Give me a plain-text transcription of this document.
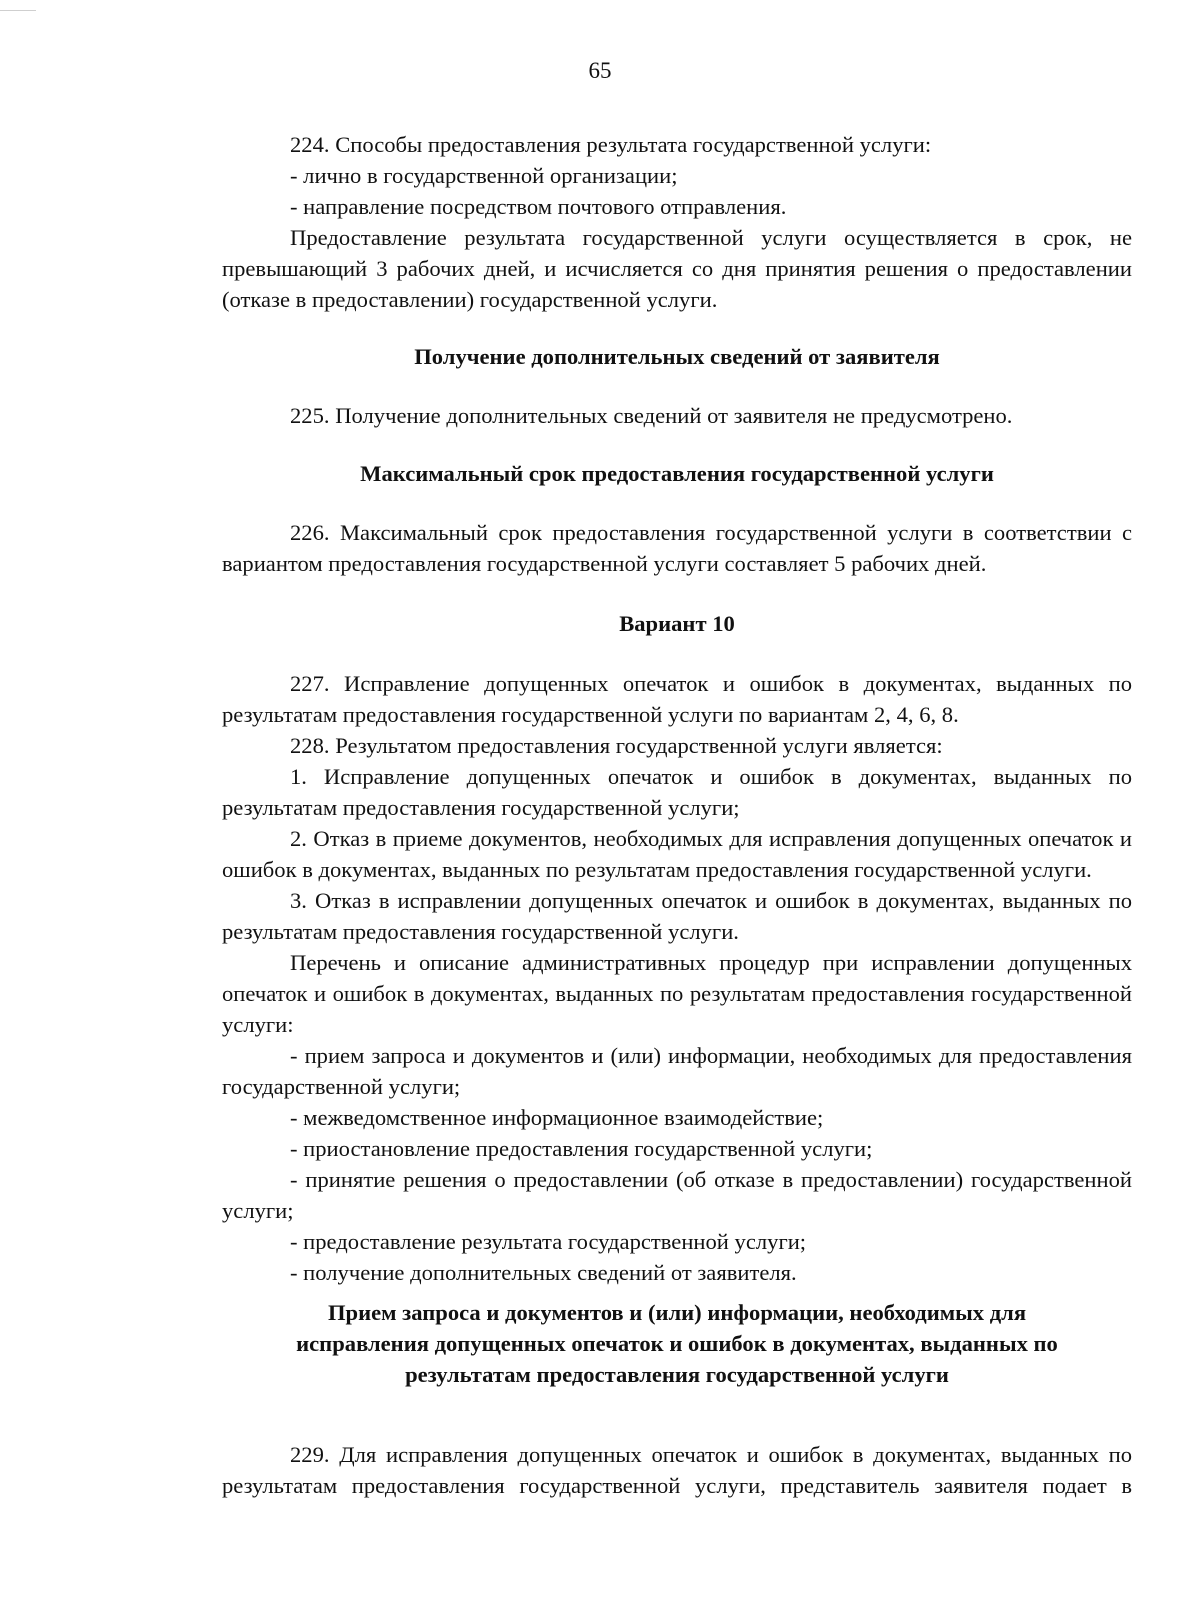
65

224. Способы предоставления результата государственной услуги:

- лично в государственной организации;

- направление посредством почтового отправления.

Предоставление результата государственной услуги осуществляется в срок, не превышающий 3 рабочих дней, и исчисляется со дня принятия решения о предоставлении (отказе в предоставлении) государственной услуги.

Получение дополнительных сведений от заявителя

225. Получение дополнительных сведений от заявителя не предусмотрено.

Максимальный срок предоставления государственной услуги

226. Максимальный срок предоставления государственной услуги в соответствии с вариантом предоставления государственной услуги составляет 5 рабочих дней.

Вариант 10

227. Исправление допущенных опечаток и ошибок в документах, выданных по результатам предоставления государственной услуги по вариантам 2, 4, 6, 8.

228. Результатом предоставления государственной услуги является:

1. Исправление допущенных опечаток и ошибок в документах, выданных по результатам предоставления государственной услуги;

2. Отказ в приеме документов, необходимых для исправления допущенных опечаток и ошибок в документах, выданных по результатам предоставления государственной услуги.

3. Отказ в исправлении допущенных опечаток и ошибок в документах, выданных по результатам предоставления государственной услуги.

Перечень и описание административных процедур при исправлении допущенных опечаток и ошибок в документах, выданных по результатам предоставления государственной услуги:

- прием запроса и документов и (или) информации, необходимых для предоставления государственной услуги;

- межведомственное информационное взаимодействие;

- приостановление предоставления государственной услуги;

- принятие решения о предоставлении (об отказе в предоставлении) государственной услуги;

- предоставление результата государственной услуги;

- получение дополнительных сведений от заявителя.

Прием запроса и документов и (или) информации, необходимых для

исправления допущенных опечаток и ошибок в документах, выданных по

результатам предоставления государственной услуги

229. Для исправления допущенных опечаток и ошибок в документах, выданных по результатам предоставления государственной услуги, представитель заявителя подает в
